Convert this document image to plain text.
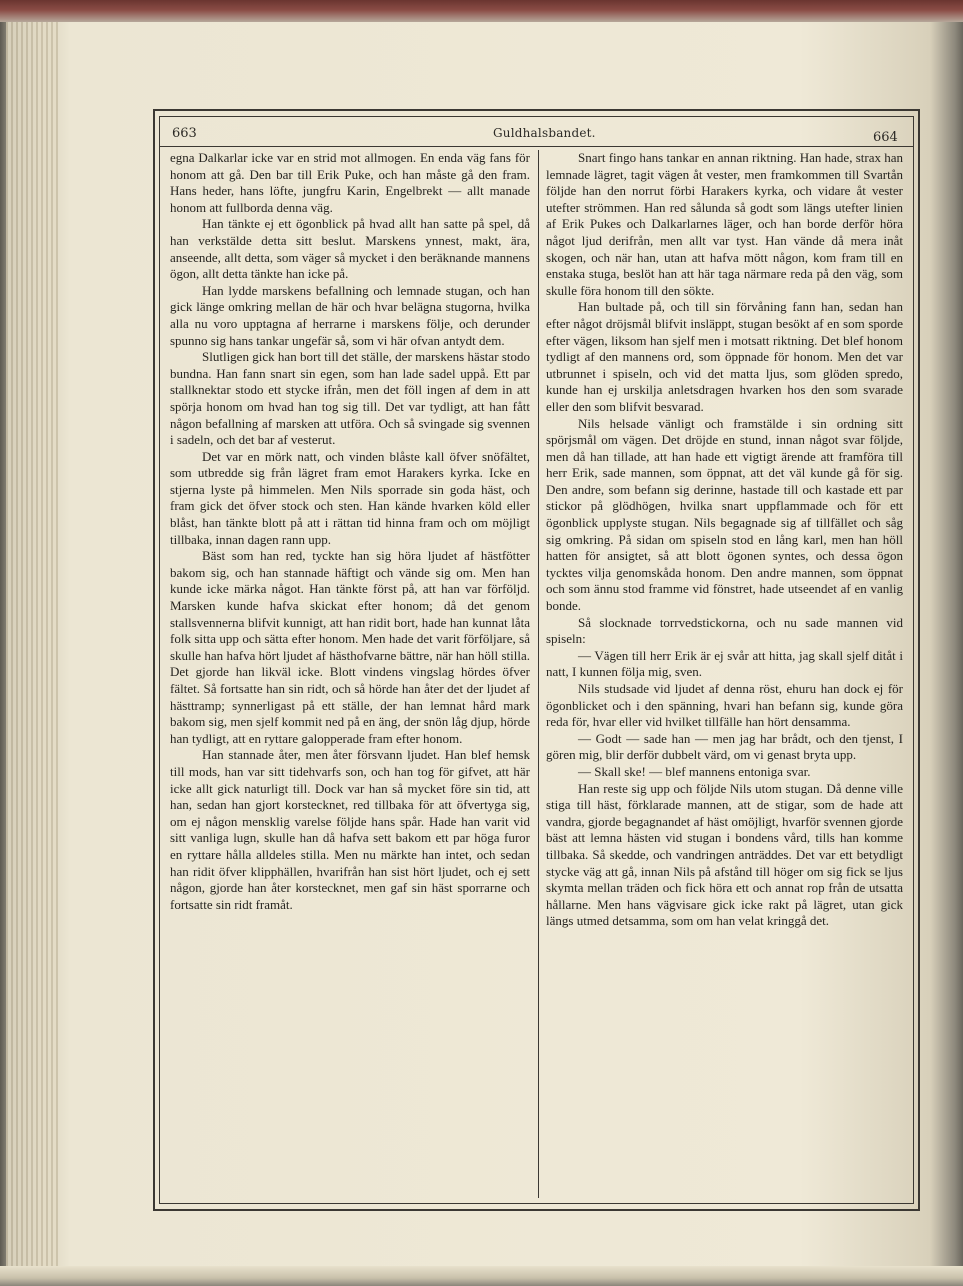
663	Guldhalsbandet.	664

egna Dalkarlar icke var en strid mot allmogen. En enda väg fans för honom att gå. Den bar till Erik Puke, och han måste gå den fram. Hans heder, hans löfte, jungfru Karin, Engelbrekt — allt manade honom att fullborda denna väg.

Han tänkte ej ett ögonblick på hvad allt han satte på spel, då han verkstälde detta sitt beslut. Marskens ynnest, makt, ära, anseende, allt detta, som väger så mycket i den beräknande mannens ögon, allt detta tänkte han icke på.

Han lydde marskens befallning och lemnade stugan, och han gick länge omkring mellan de här och hvar belägna stugorna, hvilka alla nu voro upptagna af herrarne i marskens följe, och derunder spunno sig hans tankar ungefär så, som vi här ofvan antydt dem.

Slutligen gick han bort till det ställe, der marskens hästar stodo bundna. Han fann snart sin egen, som han lade sadel uppå. Ett par stallknektar stodo ett stycke ifrån, men det föll ingen af dem in att spörja honom om hvad han tog sig till. Det var tydligt, att han fått någon befallning af marsken att utföra. Och så svingade sig svennen i sadeln, och det bar af vesterut.

Det var en mörk natt, och vinden blåste kall öfver snöfältet, som utbredde sig från lägret fram emot Harakers kyrka. Icke en stjerna lyste på himmelen. Men Nils sporrade sin goda häst, och fram gick det öfver stock och sten. Han kände hvarken köld eller blåst, han tänkte blott på att i rättan tid hinna fram och om möjligt tillbaka, innan dagen rann upp.

Bäst som han red, tyckte han sig höra ljudet af hästfötter bakom sig, och han stannade häftigt och vände sig om. Men han kunde icke märka något. Han tänkte först på, att han var förföljd. Marsken kunde hafva skickat efter honom; då det genom stallsvennerna blifvit kunnigt, att han ridit bort, hade han kunnat låta folk sitta upp och sätta efter honom. Men hade det varit förföljare, så skulle han hafva hört ljudet af hästhofvarne bättre, när han höll stilla. Det gjorde han likväl icke. Blott vindens vingslag hördes öfver fältet. Så fortsatte han sin ridt, och så hörde han åter det der ljudet af hästtramp; synnerligast på ett ställe, der han lemnat hård mark bakom sig, men sjelf kommit ned på en äng, der snön låg djup, hörde han tydligt, att en ryttare galopperade fram efter honom.

Han stannade åter, men åter försvann ljudet. Han blef hemsk till mods, han var sitt tidehvarfs son, och han tog för gifvet, att här icke allt gick naturligt till. Dock var han så mycket före sin tid, att han, sedan han gjort korstecknet, red tillbaka för att öfvertyga sig, om ej någon mensklig varelse följde hans spår. Hade han varit vid sitt vanliga lugn, skulle han då hafva sett bakom ett par höga furor en ryttare hålla alldeles stilla. Men nu märkte han intet, och sedan han ridit öfver klipphällen, hvarifrån han sist hört ljudet, och ej sett någon, gjorde han åter korstecknet, men gaf sin häst sporrarne och fortsatte sin ridt framåt.

Snart fingo hans tankar en annan riktning. Han hade, strax han lemnade lägret, tagit vägen åt vester, men framkommen till Svartån följde han den norrut förbi Harakers kyrka, och vidare åt vester utefter strömmen. Han red sålunda så godt som längs utefter linien af Erik Pukes och Dalkarlarnes läger, och han borde derför höra något ljud derifrån, men allt var tyst. Han vände då mera inåt skogen, och när han, utan att hafva mött någon, kom fram till en enstaka stuga, beslöt han att här taga närmare reda på den väg, som skulle föra honom till den sökte.

Han bultade på, och till sin förvåning fann han, sedan han efter något dröjsmål blifvit insläppt, stugan besökt af en som sporde efter vägen, liksom han sjelf men i motsatt riktning. Det blef honom tydligt af den mannens ord, som öppnade för honom. Men det var utbrunnet i spiseln, och vid det matta ljus, som glöden spredo, kunde han ej urskilja anletsdragen hvarken hos den som svarade eller den som blifvit besvarad.

Nils helsade vänligt och framstälde i sin ordning sitt spörjsmål om vägen. Det dröjde en stund, innan något svar följde, men då han tillade, att han hade ett vigtigt ärende att framföra till herr Erik, sade mannen, som öppnat, att det väl kunde gå för sig. Den andre, som befann sig derinne, hastade till och kastade ett par stickor på glödhögen, hvilka snart uppflammade och för ett ögonblick upplyste stugan. Nils begagnade sig af tillfället och såg sig omkring. På sidan om spiseln stod en lång karl, men han höll hatten för ansigtet, så att blott ögonen syntes, och dessa ögon tycktes vilja genomskåda honom. Den andre mannen, som öppnat och som ännu stod framme vid fönstret, hade utseendet af en vanlig bonde.

Så slocknade torrvedstickorna, och nu sade mannen vid spiseln:

— Vägen till herr Erik är ej svår att hitta, jag skall sjelf ditåt i natt, I kunnen följa mig, sven.

Nils studsade vid ljudet af denna röst, ehuru han dock ej för ögonblicket och i den spänning, hvari han befann sig, kunde göra reda för, hvar eller vid hvilket tillfälle han hört densamma.

— Godt — sade han — men jag har brådt, och den tjenst, I gören mig, blir derför dubbelt värd, om vi genast bryta upp.

— Skall ske! — blef mannens entoniga svar.

Han reste sig upp och följde Nils utom stugan. Då denne ville stiga till häst, förklarade mannen, att de stigar, som de hade att vandra, gjorde begagnandet af häst omöjligt, hvarför svennen gjorde bäst att lemna hästen vid stugan i bondens vård, tills han komme tillbaka. Så skedde, och vandringen anträddes. Det var ett betydligt stycke väg att gå, innan Nils på afstånd till höger om sig fick se ljus skymta mellan träden och fick höra ett och annat rop från de utsatta hållarne. Men hans vägvisare gick icke rakt på lägret, utan gick längs utmed detsamma, som om han velat kringgå det.
